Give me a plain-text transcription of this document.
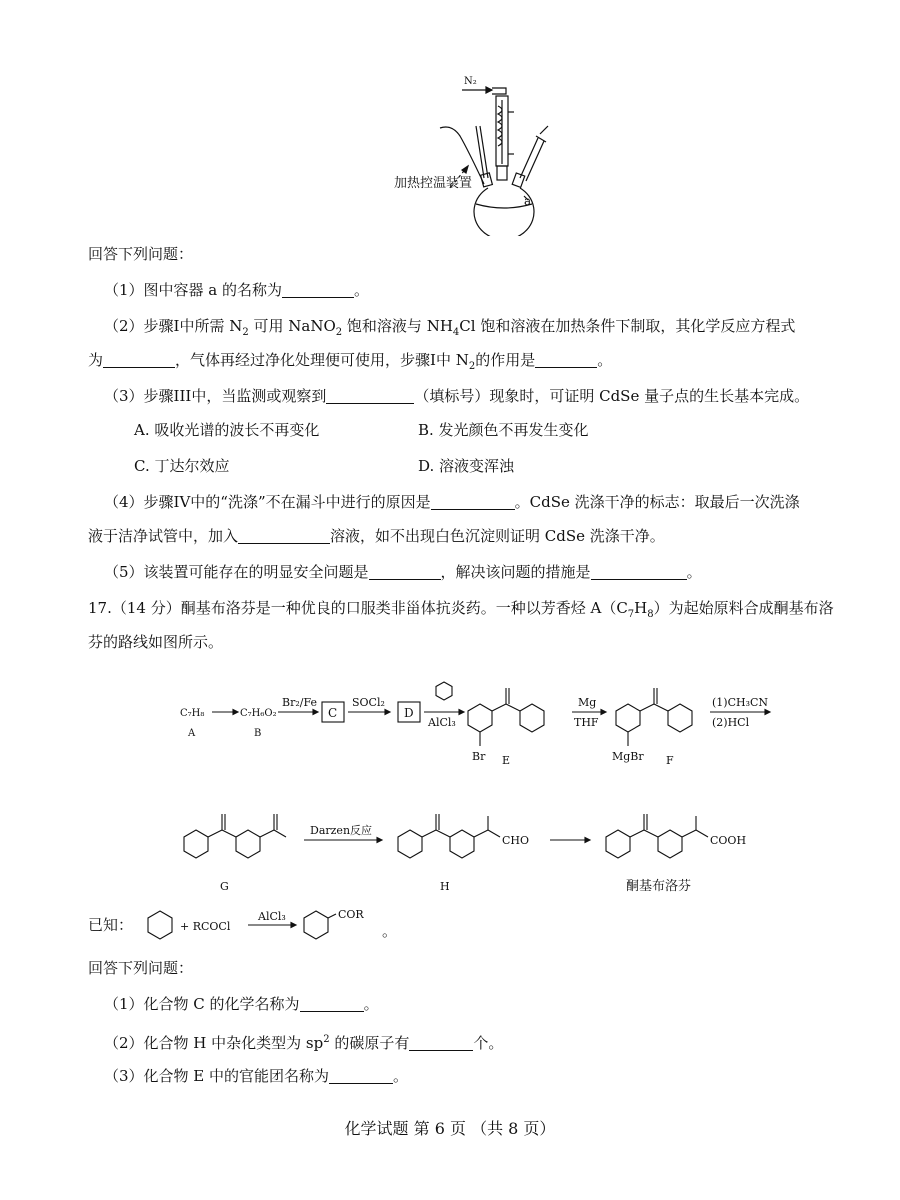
N₂
加热控温装置
a
回答下列问题：
（1）图中容器 a 的名称为	。
（2）步骤I中所需 $N_2$ 可用 NaNO$_2$ 饱和溶液与 $NH_4Cl$ 饱和溶液在加热条件下制取，其化学反应方程式
为	，气体再经过净化处理便可使用，步骤I中 $N_2$的作用是	。
（3）步骤III中，当监测或观察到	（填标号）现象时，可证明 CdSe 量子点的生长基本完成。
A. 吸收光谱的波长不再变化	B. 发光颜色不再发生变化
C. 丁达尔效应	D. 溶液变浑浊
（4）步骤IV中的“洗涤”不在漏斗中进行的原因是	。CdSe 洗涤干净的标志：取最后一次洗涤
液于洁净试管中，加入	溶液，如不出现白色沉淀则证明 CdSe 洗涤干净。
（5）该装置可能存在的明显安全问题是	，解决该问题的措施是	。
17.（14 分）酮基布洛芬是一种优良的口服类非甾体抗炎药。一种以芳香烃 $A(C_7H_8)$为起始原料合成酮基布洛
芬的路线如图所示。
C₇H₈
A
C₇H₆O₂
B
Br₂/Fe
C
SOCl₂
D
AlCl₃
Br E
Mg
THF
MgBr F
(1)CH₃CN
(2)HCl
G
Darzen反应
CHO
H
COOH
酮基布洛芬
已知：	+ RCOCl
AlCl₃	COR
。
回答下列问题：
（1）化合物 C 的化学名称为	。
（2）化合物 H 中杂化类型为 $sp^2$ 的碳原子有	个。
（3）化合物 E 中的官能团名称为	。
化学试题 第 6 页 （共 8 页）
